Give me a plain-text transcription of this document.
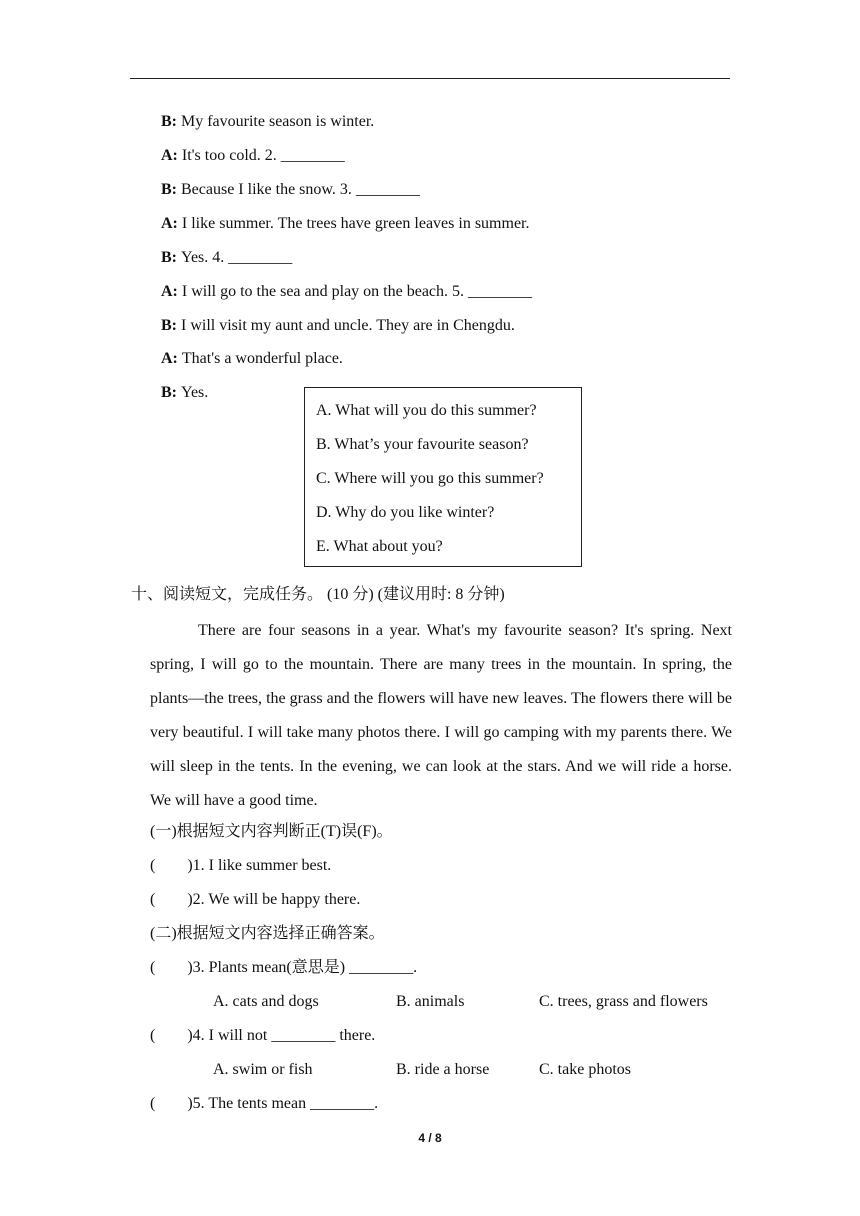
B: My favourite season is winter.
A: It's too cold. 2. ________
B: Because I like the snow. 3. ________
A: I like summer. The trees have green leaves in summer.
B: Yes. 4. ________
A: I will go to the sea and play on the beach. 5. ________
B: I will visit my aunt and uncle. They are in Chengdu.
A: That's a wonderful place.
B: Yes.
A. What will you do this summer?
B. What’s your favourite season?
C. Where will you go this summer?
D. Why do you like winter?
E. What about you?
十、阅读短文，完成任务。 (10 分) (建议用时: 8 分钟)
There are four seasons in a year. What's my favourite season? It's spring. Next spring, I will go to the mountain. There are many trees in the mountain. In spring, the plants—the trees, the grass and the flowers will have new leaves. The flowers there will be very beautiful. I will take many photos there. I will go camping with my parents there. We will sleep in the tents. In the evening, we can look at the stars. And we will ride a horse. We will have a good time.
(一)根据短文内容判断正(T)误(F)。
(        )1. I like summer best.
(        )2. We will be happy there.
(二)根据短文内容选择正确答案。
(        )3. Plants mean(意思是) ________.
A. cats and dogs	B. animals	C. trees, grass and flowers
(        )4. I will not ________ there.
A. swim or fish	B. ride a horse	C. take photos
(        )5. The tents mean ________.
4 / 8
